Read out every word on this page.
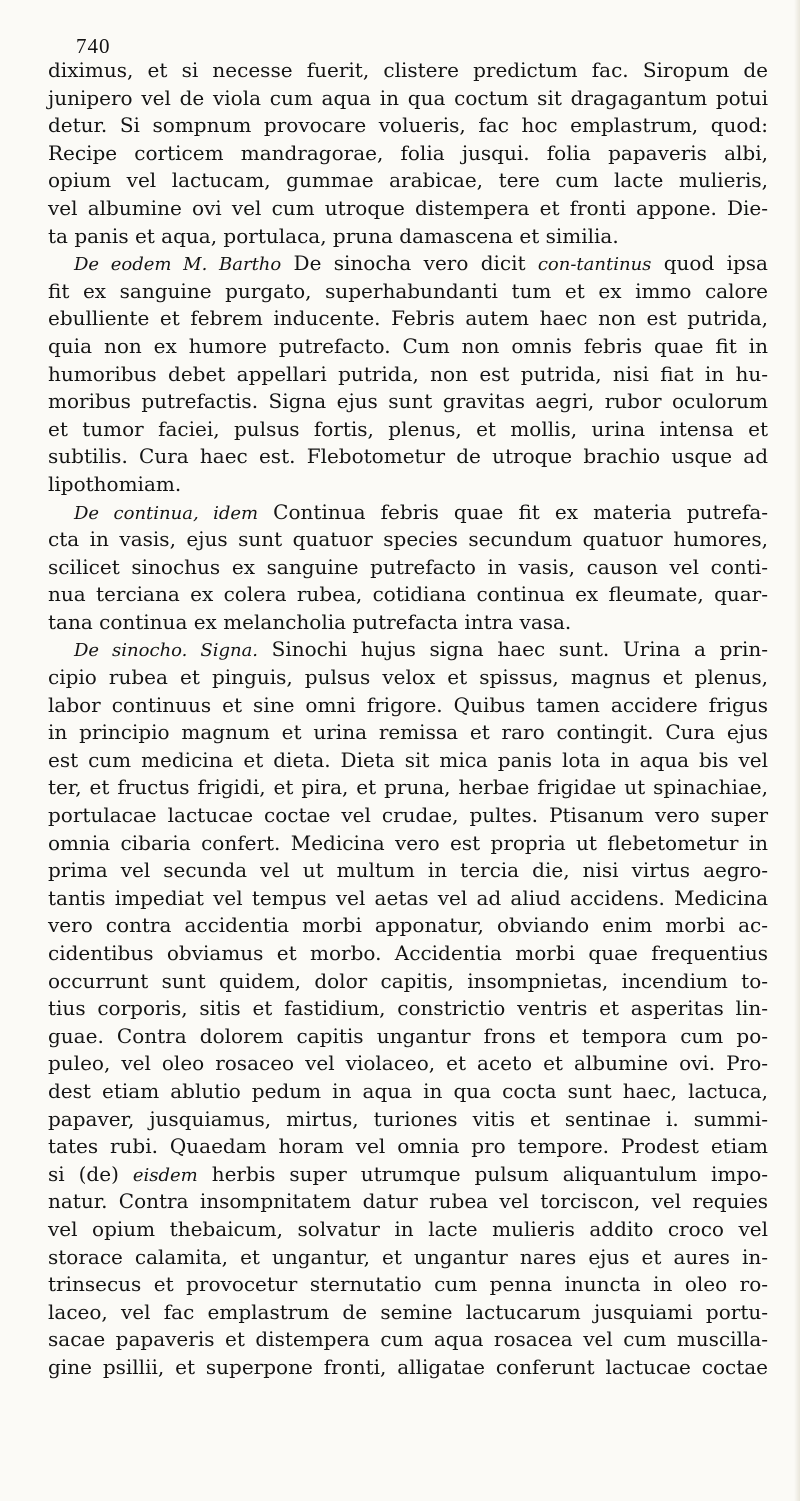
740
diximus, et si necesse fuerit, clistere predictum fac. Siropum de
junipero vel de viola cum aqua in qua coctum sit dragagantum potui
detur. Si sompnum provocare volueris, fac hoc emplastrum, quod:
Recipe corticem mandragorae, folia jusqui. folia papaveris albi,
opium vel lactucam, gummae arabicae, tere cum lacte mulieris,
vel albumine ovi vel cum utroque distempera et fronti appone. Die-
ta panis et aqua, portulaca, pruna damascena et similia.
De eodem M. Bartho De sinocha vero dicit con-tantinus quod ipsa
fit ex sanguine purgato, superhabundanti tum et ex immo calore
ebulliente et febrem inducente. Febris autem haec non est putrida,
quia non ex humore putrefacto. Cum non omnis febris quae fit in
humoribus debet appellari putrida, non est putrida, nisi fiat in hu-
moribus putrefactis. Signa ejus sunt gravitas aegri, rubor oculorum
et tumor faciei, pulsus fortis, plenus, et mollis, urina intensa et
subtilis. Cura haec est. Flebotometur de utroque brachio usque ad
lipothomiam.
De continua, idem Continua febris quae fit ex materia putrefa-
cta in vasis, ejus sunt quatuor species secundum quatuor humores,
scilicet sinochus ex sanguine putrefacto in vasis, causon vel conti-
nua terciana ex colera rubea, cotidiana continua ex fleumate, quar-
tana continua ex melancholia putrefacta intra vasa.
De sinocho. Signa. Sinochi hujus signa haec sunt. Urina a prin-
cipio rubea et pinguis, pulsus velox et spissus, magnus et plenus,
labor continuus et sine omni frigore. Quibus tamen accidere frigus
in principio magnum et urina remissa et raro contingit. Cura ejus
est cum medicina et dieta. Dieta sit mica panis lota in aqua bis vel
ter, et fructus frigidi, et pira, et pruna, herbae frigidae ut spinachiae,
portulacae lactucae coctae vel crudae, pultes. Ptisanum vero super
omnia cibaria confert. Medicina vero est propria ut flebetometur in
prima vel secunda vel ut multum in tercia die, nisi virtus aegro-
tantis impediat vel tempus vel aetas vel ad aliud accidens. Medicina
vero contra accidentia morbi apponatur, obviando enim morbi ac-
cidentibus obviamus et morbo. Accidentia morbi quae frequentius
occurrunt sunt quidem, dolor capitis, insompnietas, incendium to-
tius corporis, sitis et fastidium, constrictio ventris et asperitas lin-
guae. Contra dolorem capitis ungantur frons et tempora cum po-
puleo, vel oleo rosaceo vel violaceo, et aceto et albumine ovi. Pro-
dest etiam ablutio pedum in aqua in qua cocta sunt haec, lactuca,
papaver, jusquiamus, mirtus, turiones vitis et sentinae i. summi-
tates rubi. Quaedam horam vel omnia pro tempore. Prodest etiam
si (de) eisdem herbis super utrumque pulsum aliquantulum impo-
natur. Contra insompnitatem datur rubea vel torciscon, vel requies
vel opium thebaicum, solvatur in lacte mulieris addito croco vel
storace calamita, et ungantur, et ungantur nares ejus et aures in-
trinsecus et provocetur sternutatio cum penna inuncta in oleo ro-
laceo, vel fac emplastrum de semine lactucarum jusquiami portu-
sacae papaveris et distempera cum aqua rosacea vel cum muscilla-
gine psillii, et superpone fronti, alligatae conferunt lactucae coctae
